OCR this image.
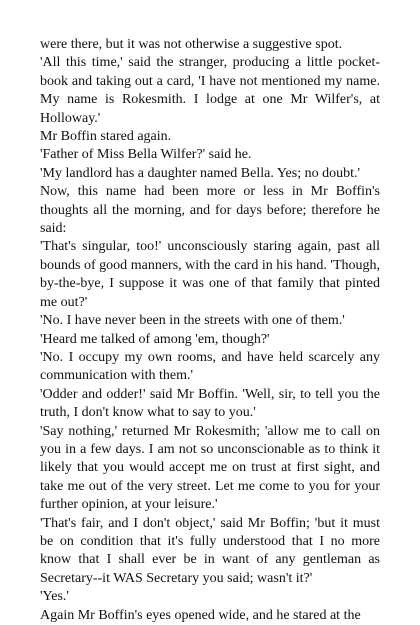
were there, but it was not otherwise a suggestive spot.

'All this time,' said the stranger, producing a little pocket-book and taking out a card, 'I have not mentioned my name. My name is Rokesmith. I lodge at one Mr Wilfer's, at Holloway.'

Mr Boffin stared again.

'Father of Miss Bella Wilfer?' said he.

'My landlord has a daughter named Bella. Yes; no doubt.'

Now, this name had been more or less in Mr Boffin's thoughts all the morning, and for days before; therefore he said:

'That's singular, too!' unconsciously staring again, past all bounds of good manners, with the card in his hand. 'Though, by-the-bye, I suppose it was one of that family that pinted me out?'

'No. I have never been in the streets with one of them.'

'Heard me talked of among 'em, though?'

'No. I occupy my own rooms, and have held scarcely any communication with them.'

'Odder and odder!' said Mr Boffin. 'Well, sir, to tell you the truth, I don't know what to say to you.'

'Say nothing,' returned Mr Rokesmith; 'allow me to call on you in a few days. I am not so unconscionable as to think it likely that you would accept me on trust at first sight, and take me out of the very street. Let me come to you for your further opinion, at your leisure.'

'That's fair, and I don't object,' said Mr Boffin; 'but it must be on condition that it's fully understood that I no more know that I shall ever be in want of any gentleman as Secretary--it WAS Secretary you said; wasn't it?'

'Yes.'

Again Mr Boffin's eyes opened wide, and he stared at the
